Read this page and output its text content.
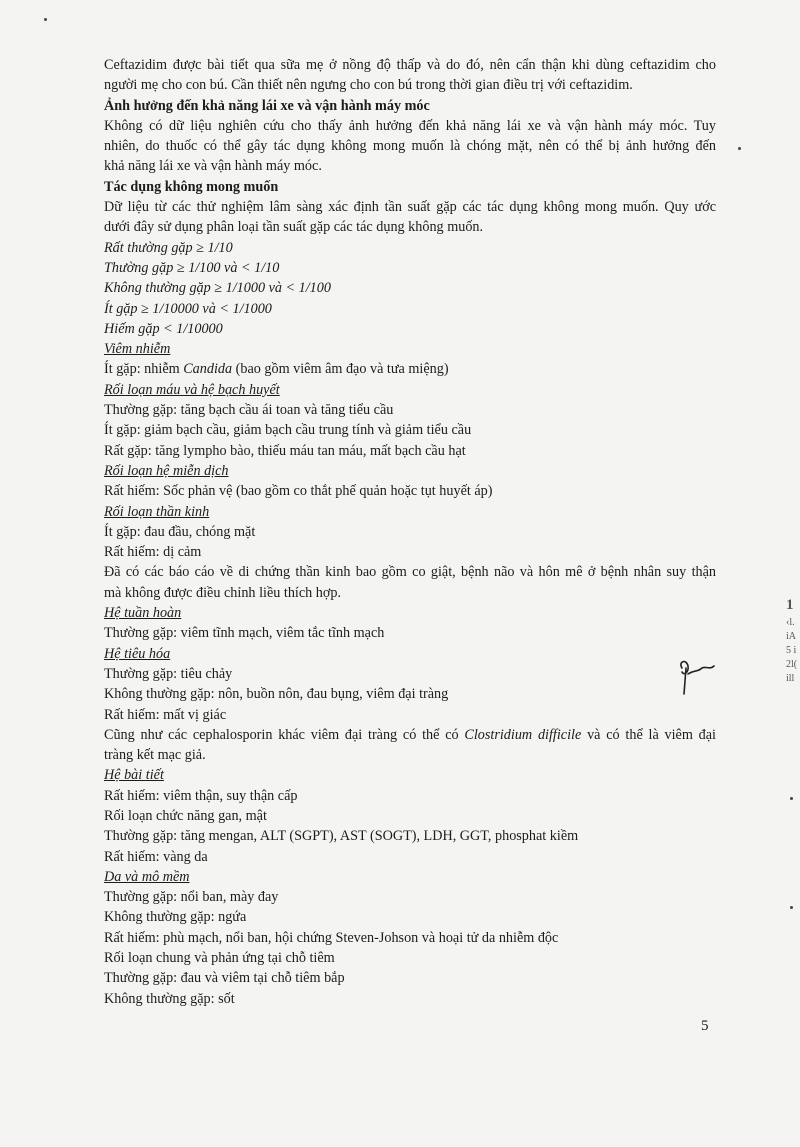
Ceftazidim được bài tiết qua sữa mẹ ở nồng độ thấp và do đó, nên cẩn thận khi dùng ceftazidim cho
người mẹ cho con bú. Cần thiết nên ngưng cho con bú trong thời gian điều trị với ceftazidim.
Ảnh hưởng đến khả năng lái xe và vận hành máy móc
Không có dữ liệu nghiên cứu cho thấy ảnh hưởng đến khả năng lái xe và vận hành máy móc. Tuy
nhiên, do thuốc có thể gây tác dụng không mong muốn là chóng mặt, nên có thể bị ảnh hưởng đến
khả năng lái xe và vận hành máy móc.
Tác dụng không mong muốn
Dữ liệu từ các thử nghiệm lâm sàng xác định tần suất gặp các tác dụng không mong muốn. Quy ước
dưới đây sử dụng phân loại tần suất gặp các tác dụng không muốn.
Rất thường gặp ≥ 1/10
Thường gặp ≥ 1/100 và < 1/10
Không thường gặp ≥ 1/1000 và < 1/100
Ít gặp ≥ 1/10000 và < 1/1000
Hiếm gặp < 1/10000
Viêm nhiễm
Ít gặp: nhiễm Candida (bao gồm viêm âm đạo và tưa miệng)
Rối loạn máu và hệ bạch huyết
Thường gặp: tăng bạch cầu ái toan và tăng tiểu cầu
Ít gặp: giảm bạch cầu, giảm bạch cầu trung tính và giảm tiểu cầu
Rất gặp: tăng lympho bào, thiếu máu tan máu, mất bạch cầu hạt
Rối loạn hệ miễn dịch
Rất hiếm: Sốc phản vệ (bao gồm co thắt phế quản hoặc tụt huyết áp)
Rối loạn thần kinh
Ít gặp: đau đầu, chóng mặt
Rất hiếm: dị cảm
Đã có các báo cáo về di chứng thần kinh bao gồm co giật, bệnh não và hôn mê ở bệnh nhân suy thận
mà không được điều chỉnh liều thích hợp.
Hệ tuần hoàn
Thường gặp: viêm tĩnh mạch, viêm tắc tĩnh mạch
Hệ tiêu hóa
Thường gặp: tiêu chảy
Không thường gặp: nôn, buồn nôn, đau bụng, viêm đại tràng
Rất hiếm: mất vị giác
Cũng như các cephalosporin khác viêm đại tràng có thể có Clostridium difficile và có thể là viêm đại
tràng kết mạc giả.
Hệ bài tiết
Rất hiếm: viêm thận, suy thận cấp
Rối loạn chức năng gan, mật
Thường gặp: tăng mengan, ALT (SGPT), AST (SOGT), LDH, GGT, phosphat kiềm
Rất hiếm: vàng da
Da và mô mềm
Thường gặp: nổi ban, mày đay
Không thường gặp: ngứa
Rất hiếm: phù mạch, nổi ban, hội chứng Steven-Johson và hoại tử da nhiễm độc
Rối loạn chung và phản ứng tại chỗ tiêm
Thường gặp: đau và viêm tại chỗ tiêm bắp
Không thường gặp: sốt
5
1
‹l.
iA
5 i
2l(
ill
